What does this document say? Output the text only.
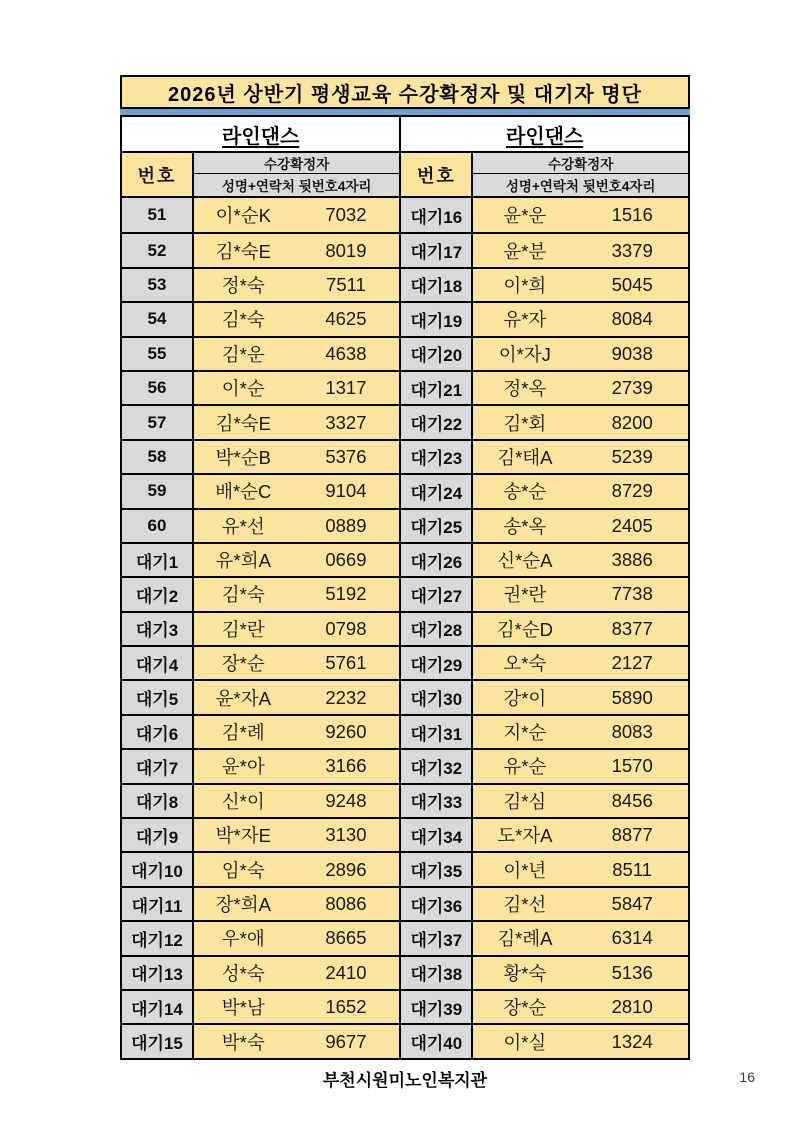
2026년 상반기 평생교육 수강확정자 및 대기자 명단
라인댄스
번호
수강확정자
성명+연락처 뒷번호4자리
51	이*순K	7032
52	김*숙E	8019
53	정*숙	7511
54	김*숙	4625
55	김*운	4638
56	이*순	1317
57	김*숙E	3327
58	박*순B	5376
59	배*순C	9104
60	유*선	0889
대기1	유*희A	0669
대기2	김*숙	5192
대기3	김*란	0798
대기4	장*순	5761
대기5	윤*자A	2232
대기6	김*례	9260
대기7	윤*아	3166
대기8	신*이	9248
대기9	박*자E	3130
대기10	임*숙	2896
대기11	장*희A	8086
대기12	우*애	8665
대기13	성*숙	2410
대기14	박*남	1652
대기15	박*숙	9677
라인댄스
번호
수강확정자
성명+연락처 뒷번호4자리
대기16	윤*운	1516
대기17	윤*분	3379
대기18	이*희	5045
대기19	유*자	8084
대기20	이*자J	9038
대기21	정*옥	2739
대기22	김*회	8200
대기23	김*태A	5239
대기24	송*순	8729
대기25	송*옥	2405
대기26	신*순A	3886
대기27	권*란	7738
대기28	김*순D	8377
대기29	오*숙	2127
대기30	강*이	5890
대기31	지*순	8083
대기32	유*순	1570
대기33	김*심	8456
대기34	도*자A	8877
대기35	이*년	8511
대기36	김*선	5847
대기37	김*례A	6314
대기38	황*숙	5136
대기39	장*순	2810
대기40	이*실	1324
부천시원미노인복지관	16
